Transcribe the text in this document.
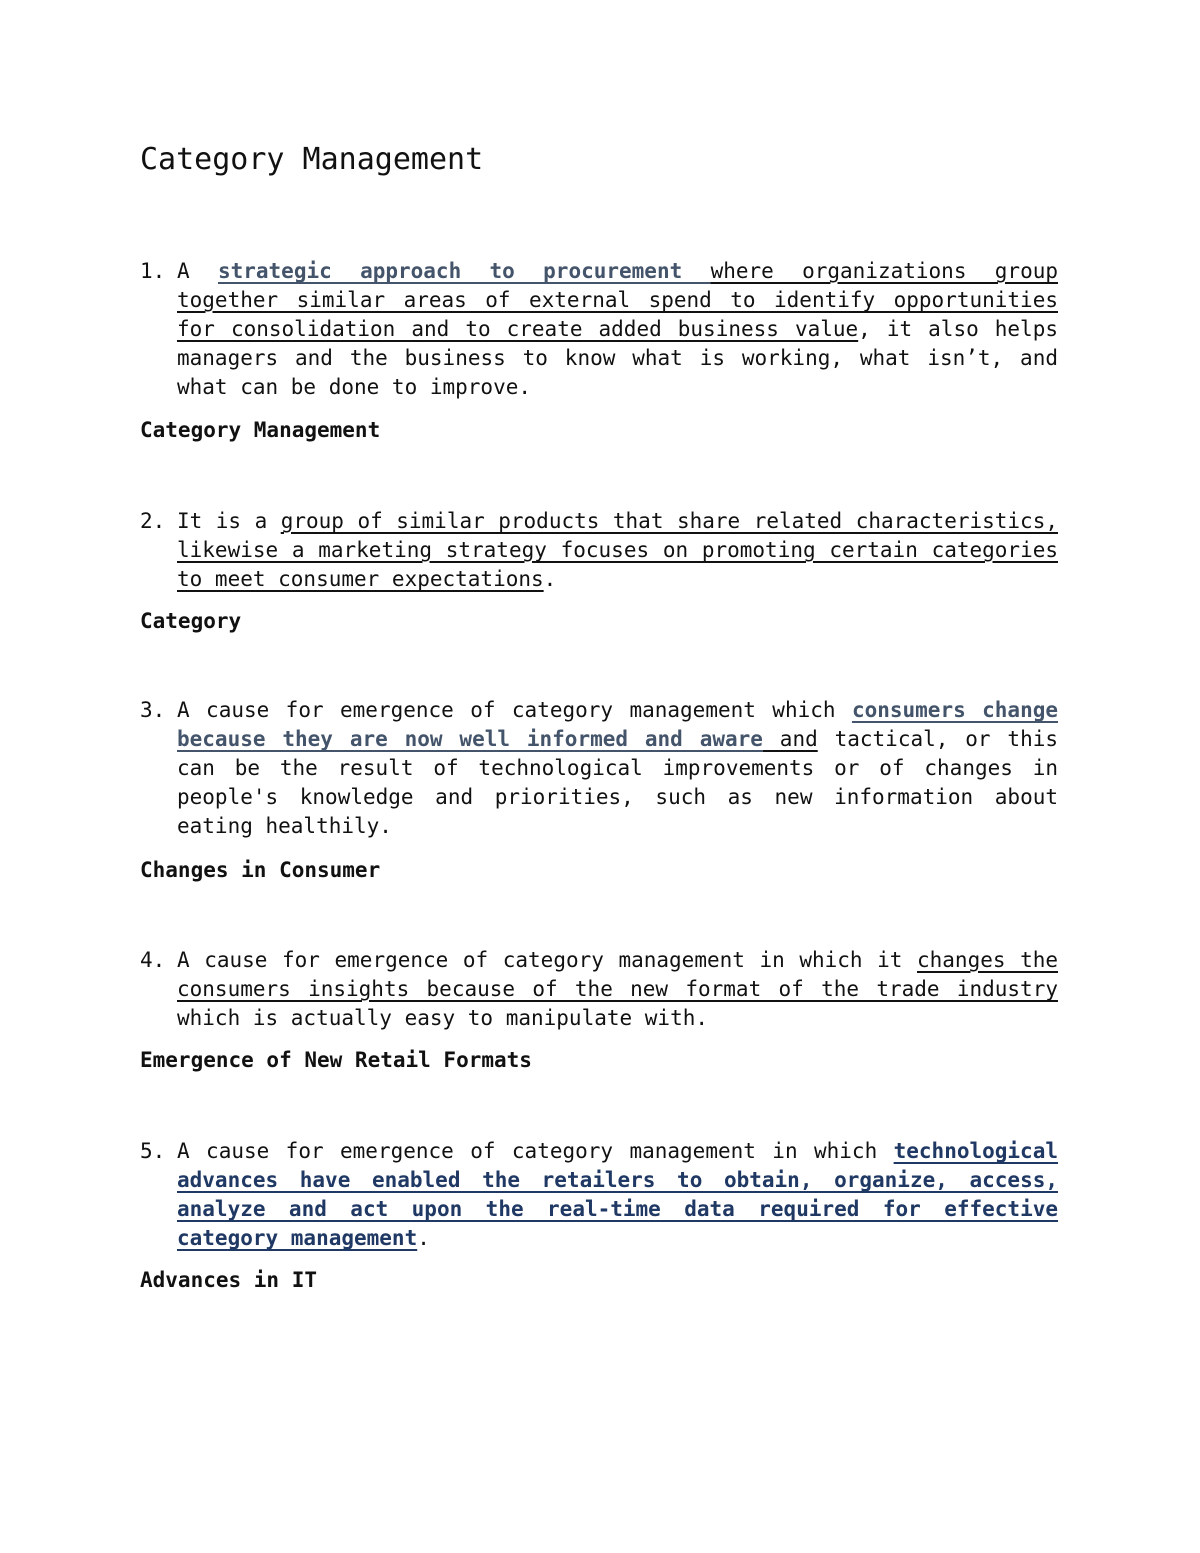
Category Management
1. A strategic approach to procurement where organizations group together similar areas of external spend to identify opportunities for consolidation and to create added business value, it also helps managers and the business to know what is working, what isn’t, and what can be done to improve.
Category Management
2. It is a group of similar products that share related characteristics, likewise a marketing strategy focuses on promoting certain categories to meet consumer expectations.
Category
3. A cause for emergence of category management which consumers change because they are now well informed and aware and tactical, or this can be the result of technological improvements or of changes in people's knowledge and priorities, such as new information about eating healthily.
Changes in Consumer
4. A cause for emergence of category management in which it changes the consumers insights because of the new format of the trade industry which is actually easy to manipulate with.
Emergence of New Retail Formats
5. A cause for emergence of category management in which technological advances have enabled the retailers to obtain, organize, access, analyze and act upon the real-time data required for effective category management.
Advances in IT
